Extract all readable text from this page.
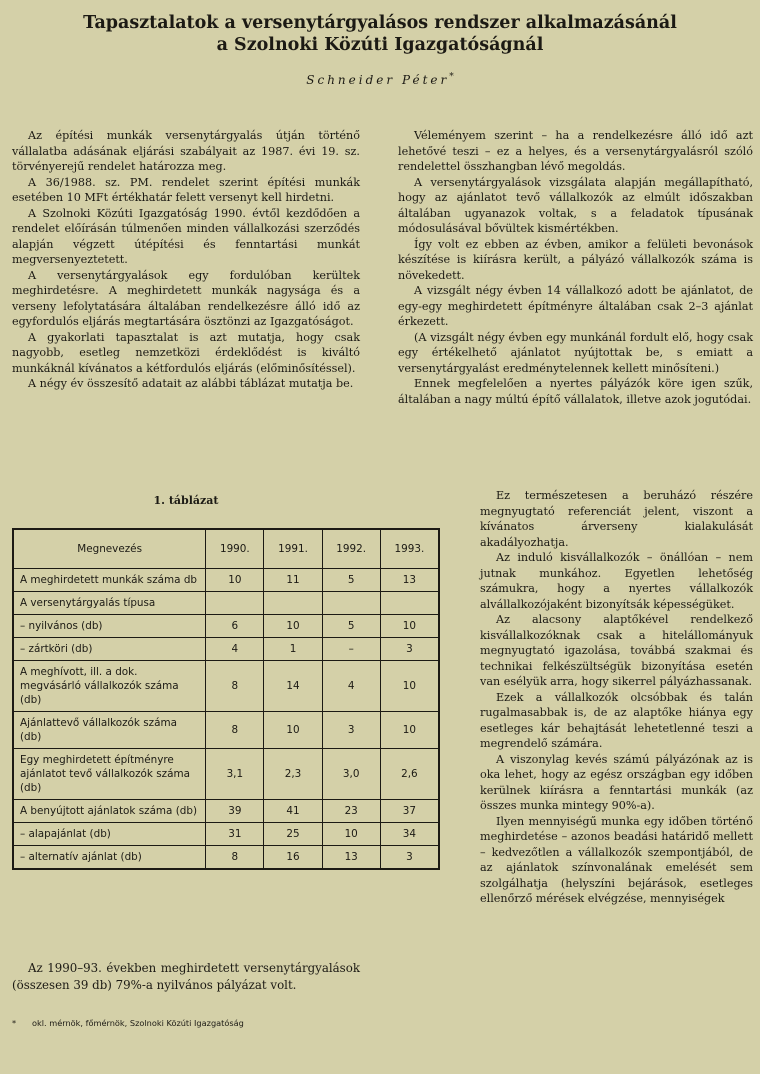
Tapasztalatok a versenytárgyalásos rendszer alkalmazásánál
a Szolnoki Közúti Igazgatóságnál
Schneider Péter*

Az építési munkák versenytárgyalás útján történő vállalatba adásának eljárási szabályait az 1987. évi 19. sz. törvényerejű rendelet határozza meg.

A 36/1988. sz. PM. rendelet szerint építési munkák esetében 10 MFt értékhatár felett versenyt kell hirdetni.

A Szolnoki Közúti Igazgatóság 1990. évtől kezdődően a rendelet előírásán túlmenően minden vállalkozási szerződés alapján végzett útépítési és fenntartási munkát megversenyeztetett.

A versenytárgyalások egy fordulóban kerültek meghirdetésre. A meghirdetett munkák nagysága és a verseny lefolytatására általában rendelkezésre álló idő az egyfordulós eljárás megtartására ösztönzi az Igazgatóságot.

A gyakorlati tapasztalat is azt mutatja, hogy csak nagyobb, esetleg nemzetközi érdeklődést is kiváltó munkáknál kívánatos a kétfordulós eljárás (előminősítéssel).

A négy év összesítő adatait az alábbi táblázat mutatja be.

1. táblázat
Megnevezés	1990.	1991.	1992.	1993.
A meghirdetett munkák száma db	10	11	5	13
A versenytárgyalás típusa				
– nyilvános (db)	6	10	5	10
– zártköri (db)	4	1	–	3
A meghívott, ill. a dok. megvásárló vállalkozók száma (db)	8	14	4	10
Ajánlattevő vállalkozók száma (db)	8	10	3	10
Egy meghirdetett építményre ajánlatot tevő vállalkozók száma (db)	3,1	2,3	3,0	2,6
A benyújtott ajánlatok száma (db)	39	41	23	37
– alapajánlat (db)	31	25	10	34
– alternatív ajánlat (db)	8	16	13	3

Az 1990–93. években meghirdetett versenytárgyalások (összesen 39 db) 79%-a nyilvános pályázat volt.

* okl. mérnök, főmérnök, Szolnoki Közúti Igazgatóság

Véleményem szerint – ha a rendelkezésre álló idő azt lehetővé teszi – ez a helyes, és a versenytárgyalásról szóló rendelettel összhangban lévő megoldás.

A versenytárgyalások vizsgálata alapján megállapítható, hogy az ajánlatot tevő vállalkozók az elmúlt időszakban általában ugyanazok voltak, s a feladatok típusának módosulásával bővültek kismértékben.

Így volt ez ebben az évben, amikor a felületi bevonások készítése is kiírásra került, a pályázó vállalkozók száma is növekedett.

A vizsgált négy évben 14 vállalkozó adott be ajánlatot, de egy-egy meghirdetett építményre általában csak 2–3 ajánlat érkezett.

(A vizsgált négy évben egy munkánál fordult elő, hogy csak egy értékelhető ajánlatot nyújtottak be, s emiatt a versenytárgyalást eredménytelennek kellett minősíteni.)

Ennek megfelelően a nyertes pályázók köre igen szűk, általában a nagy múltú építő vállalatok, illetve azok jogutódai.

Ez természetesen a beruházó részére megnyugtató referenciát jelent, viszont a kívánatos árverseny kialakulását akadályozhatja.

Az induló kisvállalkozók – önállóan – nem jutnak munkához. Egyetlen lehetőség számukra, hogy a nyertes vállalkozók alvállalkozójaként bizonyítsák képességüket.

Az alacsony alaptőkével rendelkező kisvállalkozóknak csak a hitelállományuk megnyugtató igazolása, továbbá szakmai és technikai felkészültségük bizonyítása esetén van esélyük arra, hogy sikerrel pályázhassanak.

Ezek a vállalkozók olcsóbbak és talán rugalmasabbak is, de az alaptőke hiánya egy esetleges kár behajtását lehetetlenné teszi a megrendelő számára.

A viszonylag kevés számú pályázónak az is oka lehet, hogy az egész országban egy időben kerülnek kiírásra a fenntartási munkák (az összes munka mintegy 90%-a).

Ilyen mennyiségű munka egy időben történő meghirdetése – azonos beadási határidő mellett – kedvezőtlen a vállalkozók szempontjából, de az ajánlatok színvonalának emelését sem szolgálhatja (helyszíni bejárások, esetleges ellenőrző mérések elvégzése, mennyiségek
